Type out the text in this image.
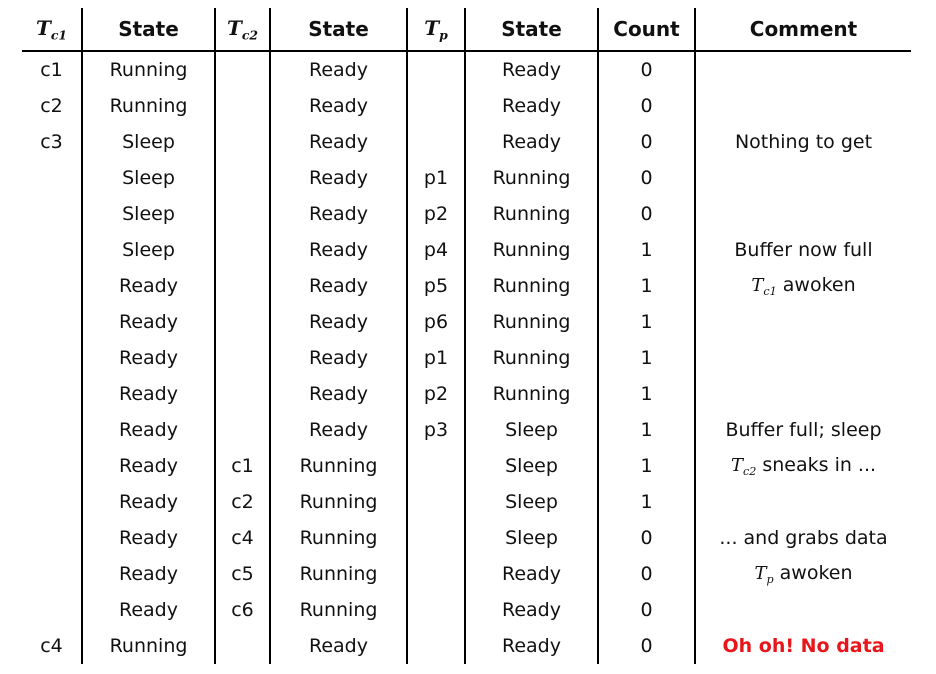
$T_{c1}$	State	$T_{c2}$	State	$T_p$	State	Count	Comment
c1	Running		Ready		Ready	0	
c2	Running		Ready		Ready	0	
c3	Sleep		Ready		Ready	0	Nothing to get
	Sleep		Ready	p1	Running	0	
	Sleep		Ready	p2	Running	0	
	Sleep		Ready	p4	Running	1	Buffer now full
	Ready		Ready	p5	Running	1	$T_{c1}$ awoken
	Ready		Ready	p6	Running	1	
	Ready		Ready	p1	Running	1	
	Ready		Ready	p2	Running	1	
	Ready		Ready	p3	Sleep	1	Buffer full; sleep
	Ready	c1	Running		Sleep	1	$T_{c2}$ sneaks in ...
	Ready	c2	Running		Sleep	1	
	Ready	c4	Running		Sleep	0	... and grabs data
	Ready	c5	Running		Ready	0	$T_p$ awoken
	Ready	c6	Running		Ready	0	
c4	Running		Ready		Ready	0	Oh oh! No data
